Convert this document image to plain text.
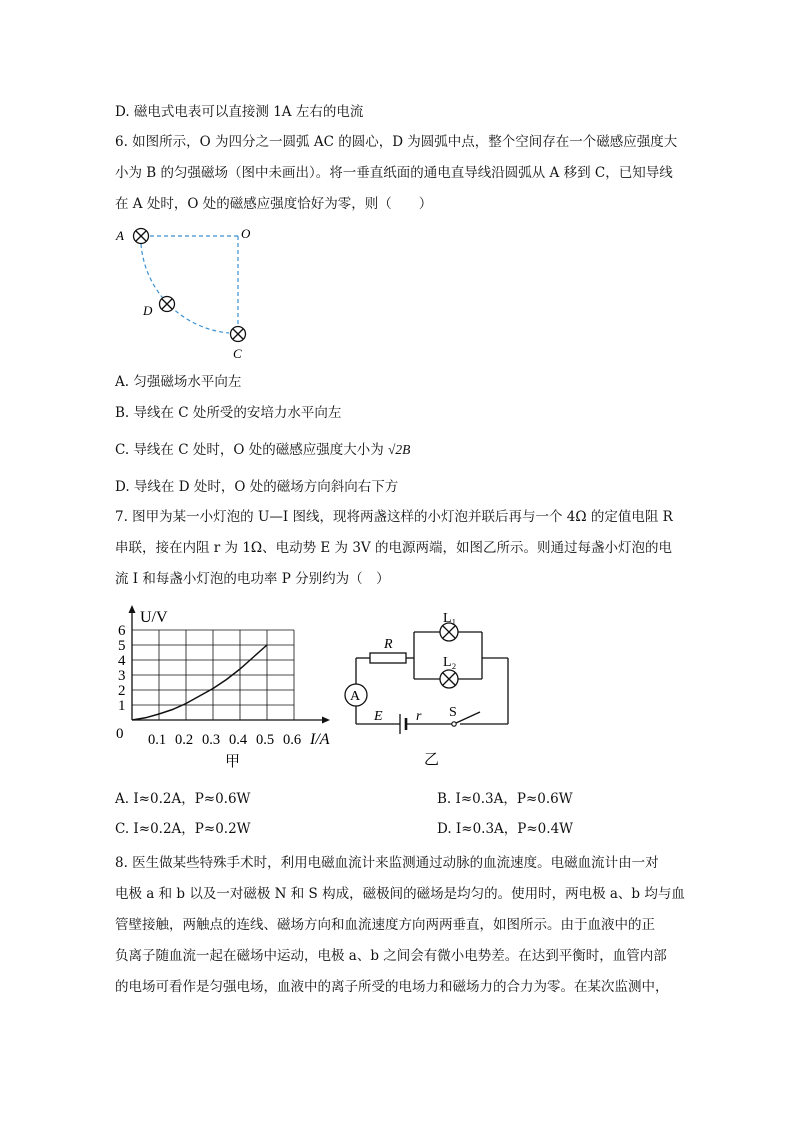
D. 磁电式电表可以直接测 1A 左右的电流
6. 如图所示，O 为四分之一圆弧 AC 的圆心，D 为圆弧中点，整个空间存在一个磁感应强度大
小为 B 的匀强磁场（图中未画出）。将一垂直纸面的通电直导线沿圆弧从 A 移到 C，已知导线
在 A 处时，O 处的磁感应强度恰好为零，则（　　）
A	O
D
C
A. 匀强磁场水平向左
B. 导线在 C 处所受的安培力水平向左
C. 导线在 C 处时，O 处的磁感应强度大小为 √2B
D. 导线在 D 处时，O 处的磁场方向斜向右下方
7. 图甲为某一小灯泡的 U—I 图线，现将两盏这样的小灯泡并联后再与一个 4Ω 的定值电阻 R
串联，接在内阻 r 为 1Ω、电动势 E 为 3V 的电源两端，如图乙所示。则通过每盏小灯泡的电
流 I 和每盏小灯泡的电功率 P 分别约为（　）
1
2
3
4
5
6
0.1 0.2 0.3 0.4 0.5 0.6
U/V
I/A
0
甲
A
L₁
L₂
R
E r S
乙
A. I≈0.2A，P≈0.6W	B. I≈0.3A，P≈0.6W
C. I≈0.2A，P≈0.2W	D. I≈0.3A，P≈0.4W
8. 医生做某些特殊手术时，利用电磁血流计来监测通过动脉的血流速度。电磁血流计由一对
电极 a 和 b 以及一对磁极 N 和 S 构成，磁极间的磁场是均匀的。使用时，两电极 a、b 均与血
管壁接触，两触点的连线、磁场方向和血流速度方向两两垂直，如图所示。由于血液中的正
负离子随血流一起在磁场中运动，电极 a、b 之间会有微小电势差。在达到平衡时，血管内部
的电场可看作是匀强电场，血液中的离子所受的电场力和磁场力的合力为零。在某次监测中，
